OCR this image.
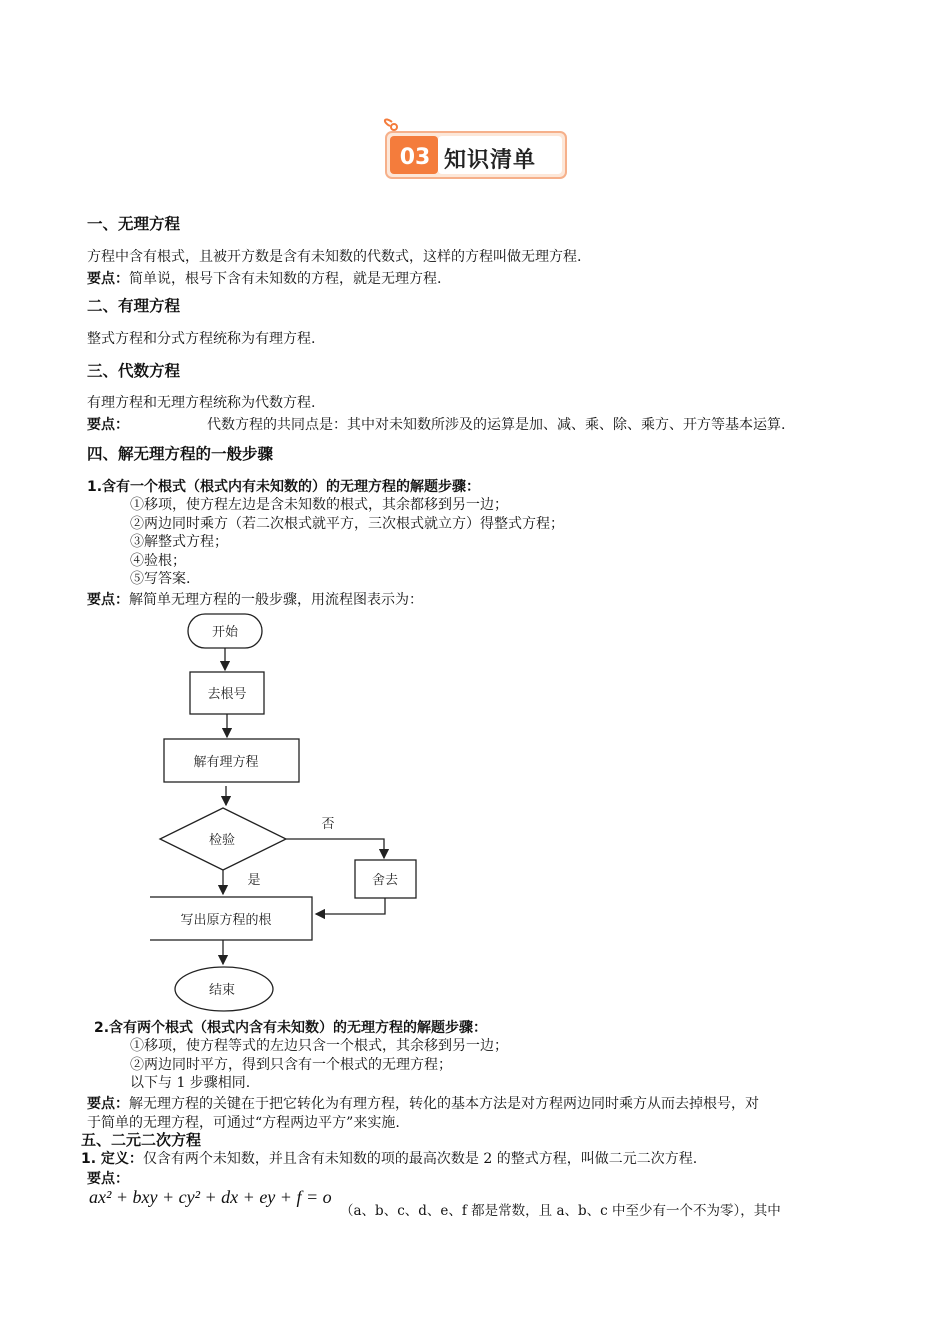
03 知识清单
一、无理方程
方程中含有根式，且被开方数是含有未知数的代数式，这样的方程叫做无理方程.
要点：简单说，根号下含有未知数的方程，就是无理方程.
二、有理方程
整式方程和分式方程统称为有理方程.
三、代数方程
有理方程和无理方程统称为代数方程.
要点：	代数方程的共同点是：其中对未知数所涉及的运算是加、减、乘、除、乘方、开方等基本运算.
四、解无理方程的一般步骤
1.含有一个根式（根式内有未知数的）的无理方程的解题步骤：
①移项，使方程左边是含未知数的根式，其余都移到另一边；
②两边同时乘方（若二次根式就平方，三次根式就立方）得整式方程；
③解整式方程；
④验根；
⑤写答案.
要点：解简单无理方程的一般步骤，用流程图表示为：
开始
去根号
解有理方程
检验
否
舍去
是
写出原方程的根
结束
2.含有两个根式（根式内含有未知数）的无理方程的解题步骤：
①移项，使方程等式的左边只含一个根式，其余移到另一边；
②两边同时平方，得到只含有一个根式的无理方程；
以下与 1 步骤相同.
要点：解无理方程的关键在于把它转化为有理方程，转化的基本方法是对方程两边同时乘方从而去掉根号，对
于简单的无理方程，可通过“方程两边平方”来实施.
五、二元二次方程
1. 定义：仅含有两个未知数，并且含有未知数的项的最高次数是 2 的整式方程，叫做二元二次方程.
要点：
ax² + bxy + cy² + dx + ey + f = o
（a、b、c、d、e、f 都是常数，且 a、b、c 中至少有一个不为零），其中
